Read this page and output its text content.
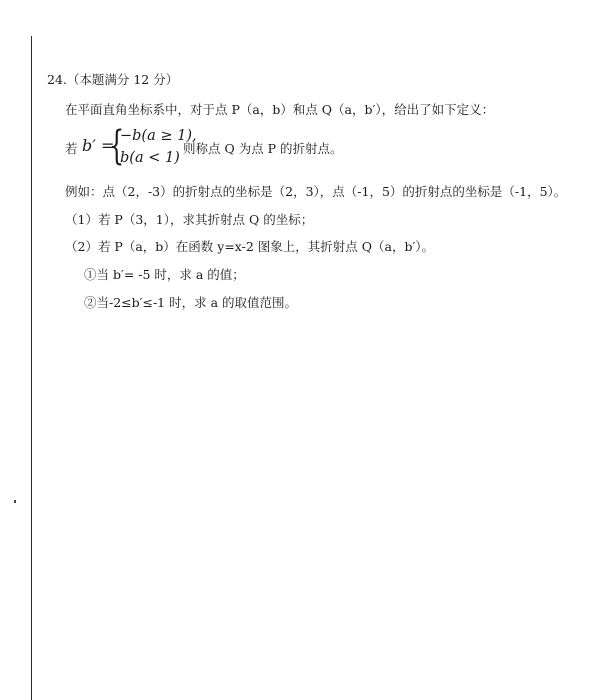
24.（本题满分 12 分）
在平面直角坐标系中，对于点 P（a，b）和点 Q（a，b′），给出了如下定义：
若 b′ =
{
−b(a ≥ 1),
b(a < 1)
则称点 Q 为点 P 的折射点。
例如：点（2，-3）的折射点的坐标是（2，3），点（-1，5）的折射点的坐标是（-1，5）。
（1）若 P（3，1），求其折射点 Q 的坐标；
（2）若 P（a，b）在函数 y=x-2 图象上，其折射点 Q（a，b′）。
①当 b′= -5 时，求 a 的值；
②当-2≤b′≤-1 时，求 a 的取值范围。
